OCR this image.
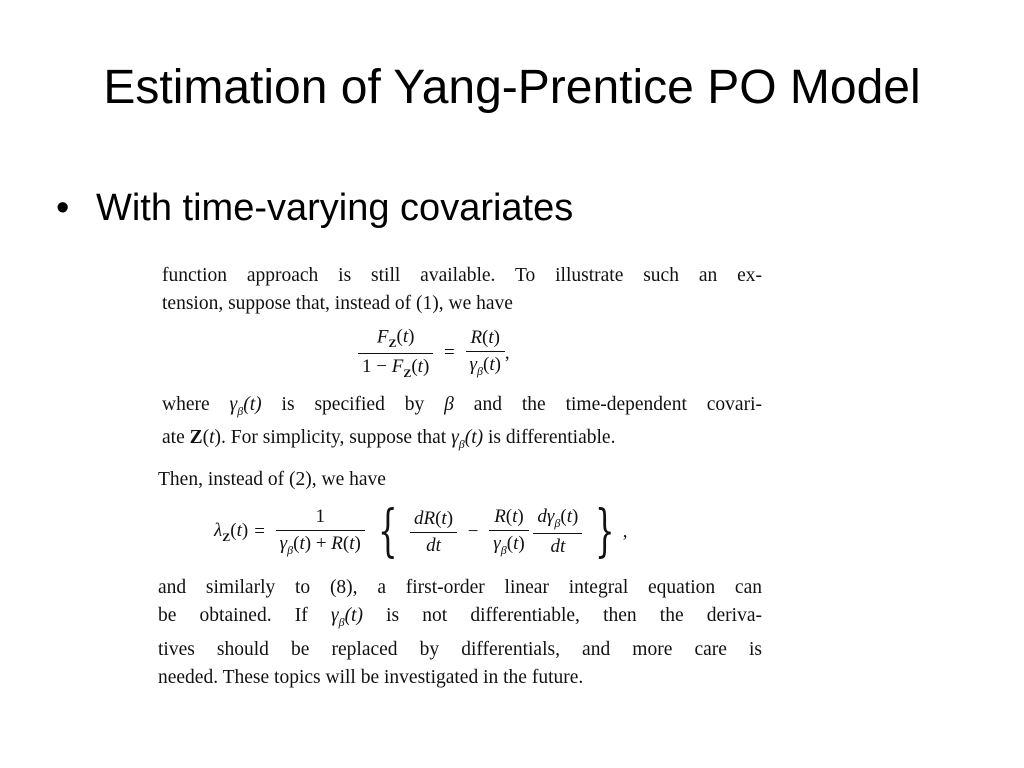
Estimation of Yang-Prentice PO Model
• With time-varying covariates

function approach is still available. To illustrate such an ex-
tension, suppose that, instead of (1), we have

$\frac{F_Z(t)}{1 - F_Z(t)} = \frac{R(t)}{\gamma_\beta(t)}$ ,

where $\gamma_\beta(t)$ is specified by β and the time-dependent covari-
ate Z(t). For simplicity, suppose that $\gamma_\beta(t)$ is differentiable.

Then, instead of (2), we have

$\lambda_Z(t) = \frac{1}{\gamma_\beta(t) + R(t)}$ { $\frac{dR(t)}{dt} - \frac{R(t)}{\gamma_\beta(t)}$
$\frac{d\gamma_\beta(t)}{dt}$ } ,

and similarly to (8), a first-order linear integral equation can
be obtained. If $\gamma_\beta(t)$ is not differentiable, then the deriva-
tives should be replaced by differentials, and more care is
needed. These topics will be investigated in the future.
